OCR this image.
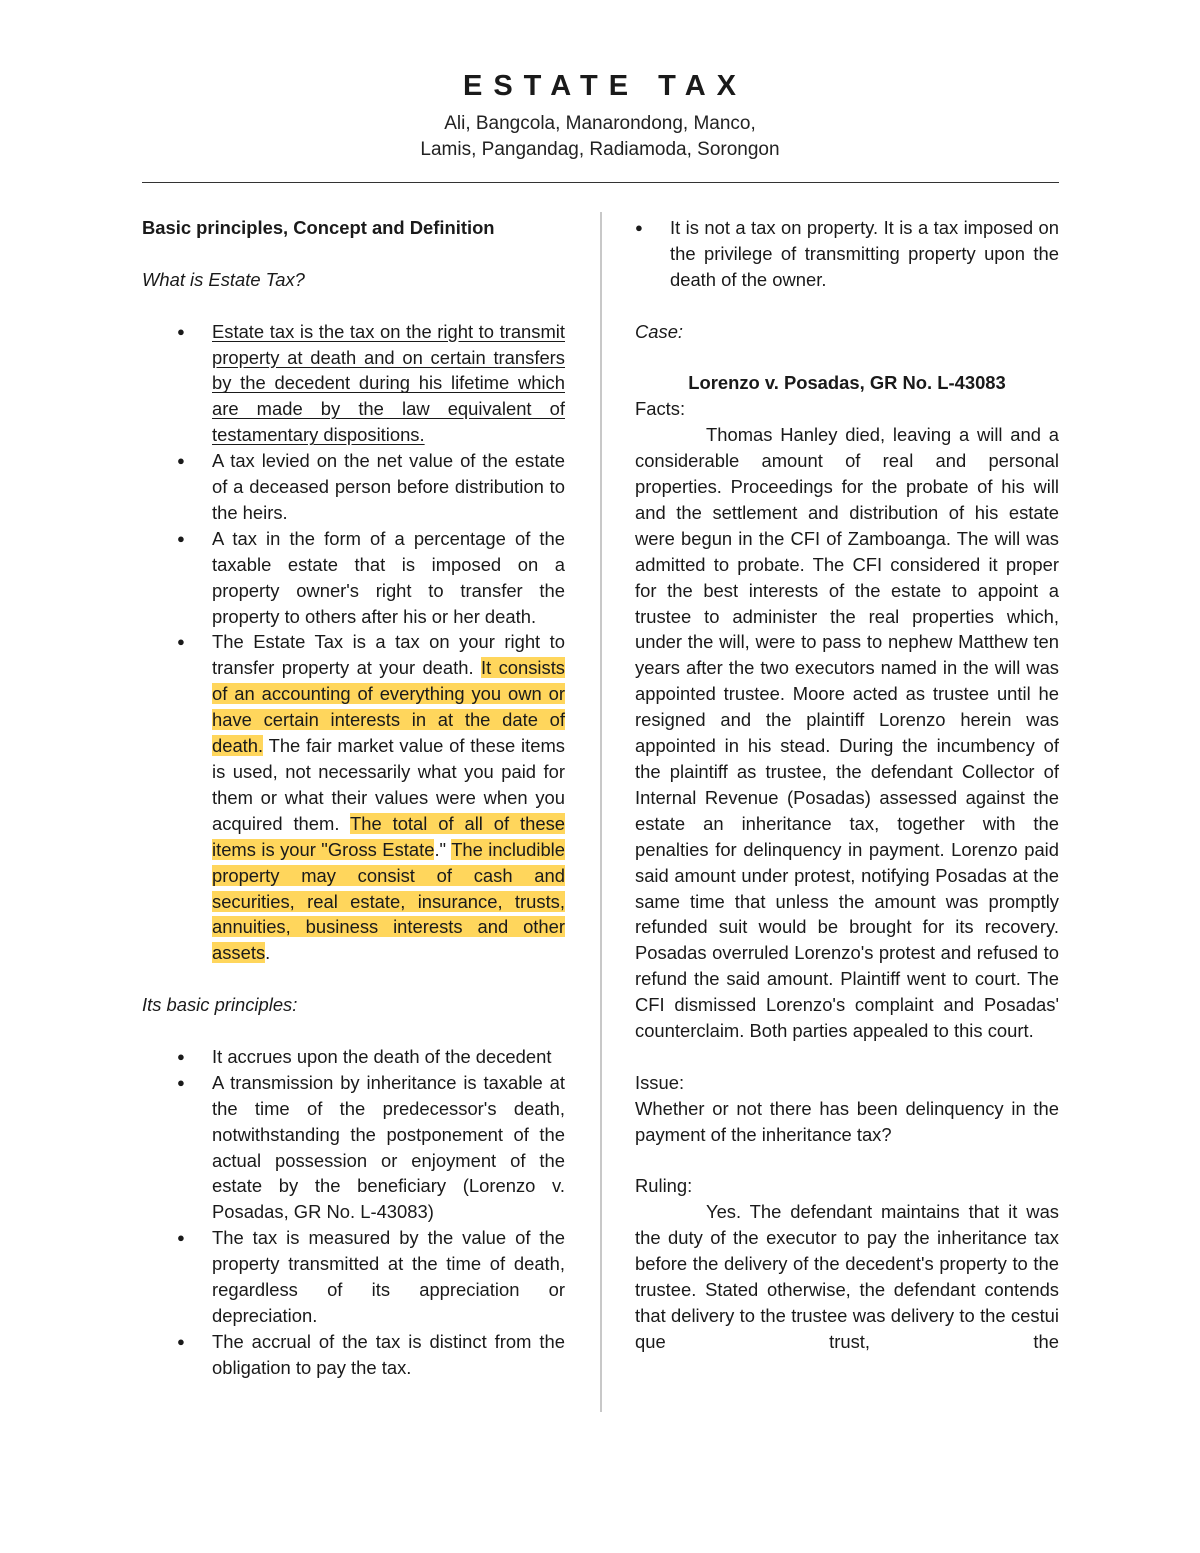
ESTATE TAX
Ali, Bangcola, Manarondong, Manco,
Lamis, Pangandag, Radiamoda, Sorongon

Basic principles, Concept and Definition

What is Estate Tax?

● Estate tax is the tax on the right to transmit property at death and on certain transfers by the decedent during his lifetime which are made by the law equivalent of testamentary dispositions.
● A tax levied on the net value of the estate of a deceased person before distribution to the heirs.
● A tax in the form of a percentage of the taxable estate that is imposed on a property owner's right to transfer the property to others after his or her death.
● The Estate Tax is a tax on your right to transfer property at your death. It consists of an accounting of everything you own or have certain interests in at the date of death. The fair market value of these items is used, not necessarily what you paid for them or what their values were when you acquired them. The total of all of these items is your "Gross Estate." The includible property may consist of cash and securities, real estate, insurance, trusts, annuities, business interests and other assets.

Its basic principles:

● It accrues upon the death of the decedent
● A transmission by inheritance is taxable at the time of the predecessor's death, notwithstanding the postponement of the actual possession or enjoyment of the estate by the beneficiary (Lorenzo v. Posadas, GR No. L-43083)
● The tax is measured by the value of the property transmitted at the time of death, regardless of its appreciation or depreciation.
● The accrual of the tax is distinct from the obligation to pay the tax.
● It is not a tax on property. It is a tax imposed on the privilege of transmitting property upon the death of the owner.

Case:

Lorenzo v. Posadas, GR No. L-43083

Facts:

Thomas Hanley died, leaving a will and a considerable amount of real and personal properties. Proceedings for the probate of his will and the settlement and distribution of his estate were begun in the CFI of Zamboanga. The will was admitted to probate. The CFI considered it proper for the best interests of the estate to appoint a trustee to administer the real properties which, under the will, were to pass to nephew Matthew ten years after the two executors named in the will was appointed trustee. Moore acted as trustee until he resigned and the plaintiff Lorenzo herein was appointed in his stead. During the incumbency of the plaintiff as trustee, the defendant Collector of Internal Revenue (Posadas) assessed against the estate an inheritance tax, together with the penalties for delinquency in payment. Lorenzo paid said amount under protest, notifying Posadas at the same time that unless the amount was promptly refunded suit would be brought for its recovery. Posadas overruled Lorenzo's protest and refused to refund the said amount. Plaintiff went to court. The CFI dismissed Lorenzo's complaint and Posadas' counterclaim. Both parties appealed to this court.

Issue:

Whether or not there has been delinquency in the payment of the inheritance tax?

Ruling:

Yes. The defendant maintains that it was the duty of the executor to pay the inheritance tax before the delivery of the decedent's property to the trustee. Stated otherwise, the defendant contends that delivery to the trustee was delivery to the cestui que trust, the
